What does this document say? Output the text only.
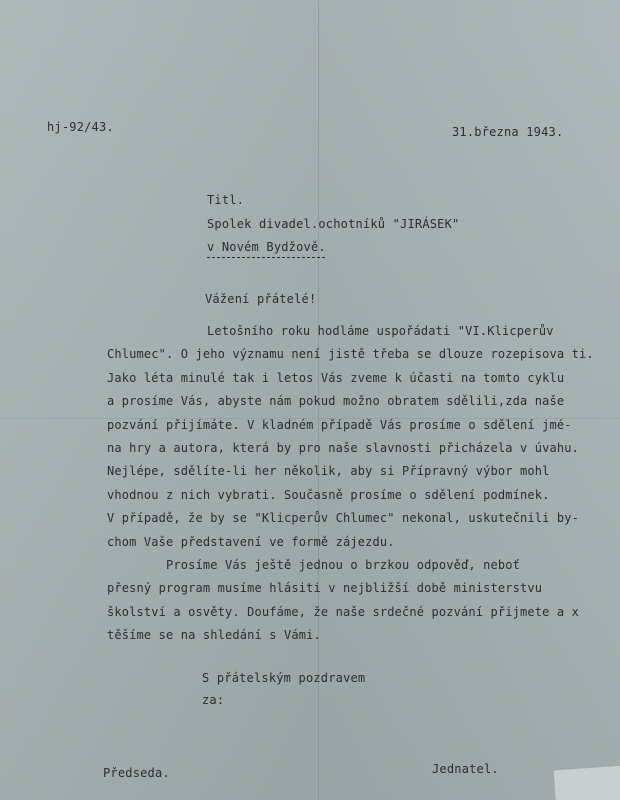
hj-92/43.	31.března 1943.
Titl.
Spolek divadel.ochotníků "JIRÁSEK"
v Novém Bydžově.
Vážení přátelé!
Letošního roku hodláme uspořádati "VI.Klicperův
Chlumec". O jeho významu není jistě třeba se dlouze rozepisova ti.
Jako léta minulé tak i letos Vás zveme k účasti na tomto cyklu
a prosíme Vás, abyste nám pokud možno obratem sdělili,zda naše
pozvání přijímáte. V kladném případě Vás prosíme o sdělení jmé-
na hry a autora, která by pro naše slavnosti přicházela v úvahu.
Nejlépe, sdělíte-li her několik, aby si Přípravný výbor mohl
vhodnou z nich vybrati. Současně prosíme o sdělení podmínek.
V případě, že by se "Klicperův Chlumec" nekonal, uskutečnili by-
chom Vaše představení ve formě zájezdu.
Prosíme Vás ještě jednou o brzkou odpověď, neboť
přesný program musíme hlásiti v nejbližší době ministerstvu
školství a osvěty. Doufáme, že naše srdečné pozvání přijmete a x
těšíme se na shledání s Vámi.
S přátelským pozdravem
za:
Předseda.	Jednatel.
